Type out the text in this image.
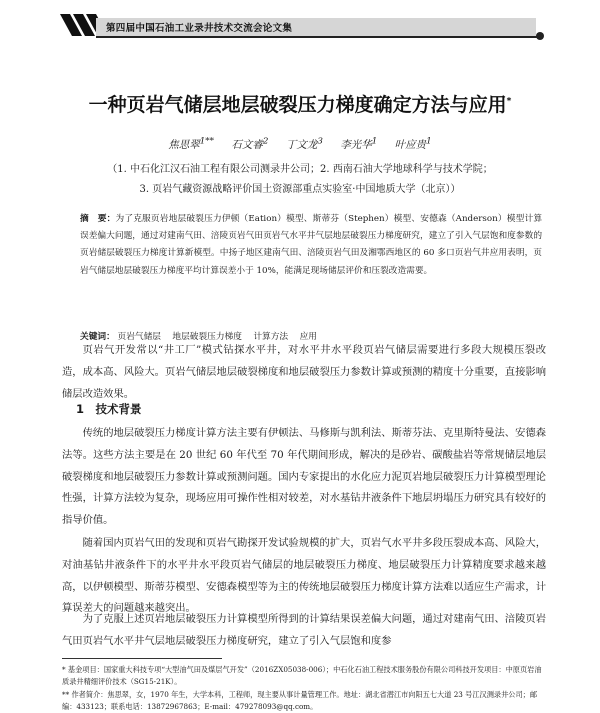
第四届中国石油工业录井技术交流会论文集
一种页岩气储层地层破裂压力梯度确定方法与应用*
焦思翠$^{1**}$ 石文睿$^2$ 丁文龙$^3$ 李光华$^1$ 叶应贵$^1$
（1. 中石化江汉石油工程有限公司测录井公司；2. 西南石油大学地球科学与技术学院；
3. 页岩气藏资源战略评价国土资源部重点实验室·中国地质大学（北京））
摘　要：为了克服页岩地层破裂压力伊顿（Eation）模型、斯蒂芬（Stephen）模型、安德森（Anderson）模型计算误差偏大问题，通过对建南气田、涪陵页岩气田页岩气水平井气层地层破裂压力梯度研究，建立了引入气层饱和度参数的页岩储层破裂压力梯度计算新模型。中扬子地区建南气田、涪陵页岩气田及湘鄂西地区的 60 多口页岩气井应用表明，页岩气储层地层破裂压力梯度平均计算误差小于 10%，能满足现场储层评价和压裂改造需要。
关键词： 页岩气储层　 地层破裂压力梯度　 计算方法　 应用

页岩气开发常以“井工厂”模式钻探水平井，对水平井水平段页岩气储层需要进行多段大规模压裂改造，成本高、风险大。页岩气储层地层破裂梯度和地层破裂压力参数计算或预测的精度十分重要，直接影响储层改造效果。

1　 技术背景

传统的地层破裂压力梯度计算方法主要有伊顿法、马修斯与凯利法、斯蒂芬法、克里斯特曼法、安德森法等。这些方法主要是在 20 世纪 60 年代至 70 年代期间形成，解决的是砂岩、碳酸盐岩等常规储层地层破裂梯度和地层破裂压力参数计算或预测问题。国内专家提出的水化应力泥页岩地层破裂压力计算模型理论性强，计算方法较为复杂，现场应用可操作性相对较差，对水基钻井液条件下地层坍塌压力研究具有较好的指导价值。

随着国内页岩气田的发现和页岩气勘探开发试验规模的扩大，页岩气水平井多段压裂成本高、风险大，对油基钻井液条件下的水平井水平段页岩气储层的地层破裂压力梯度、地层破裂压力计算精度要求越来越高，以伊顿模型、斯蒂芬模型、安德森模型等为主的传统地层破裂压力梯度计算方法难以适应生产需求，计算误差大的问题越来越突出。

为了克服上述页岩地层破裂压力计算模型所得到的计算结果误差偏大问题，通过对建南气田、涪陵页岩气田页岩气水平井气层地层破裂压力梯度研究，建立了引入气层饱和度参

* 基金项目：国家重大科技专项“大型油气田及煤层气开发”（2016ZX05038-006）；中石化石油工程技术服务股份有限公司科技开发项目：中原页岩油质录井精细评价技术（SG15-21K）。

** 作者简介：焦思翠，女，1970 年生，大学本科，工程师，现主要从事计量管理工作。地址：湖北省潜江市向阳五七大道 23 号江汉测录井公司；邮编：433123；联系电话：13872967863；E-mail：479278093@qq.com。
